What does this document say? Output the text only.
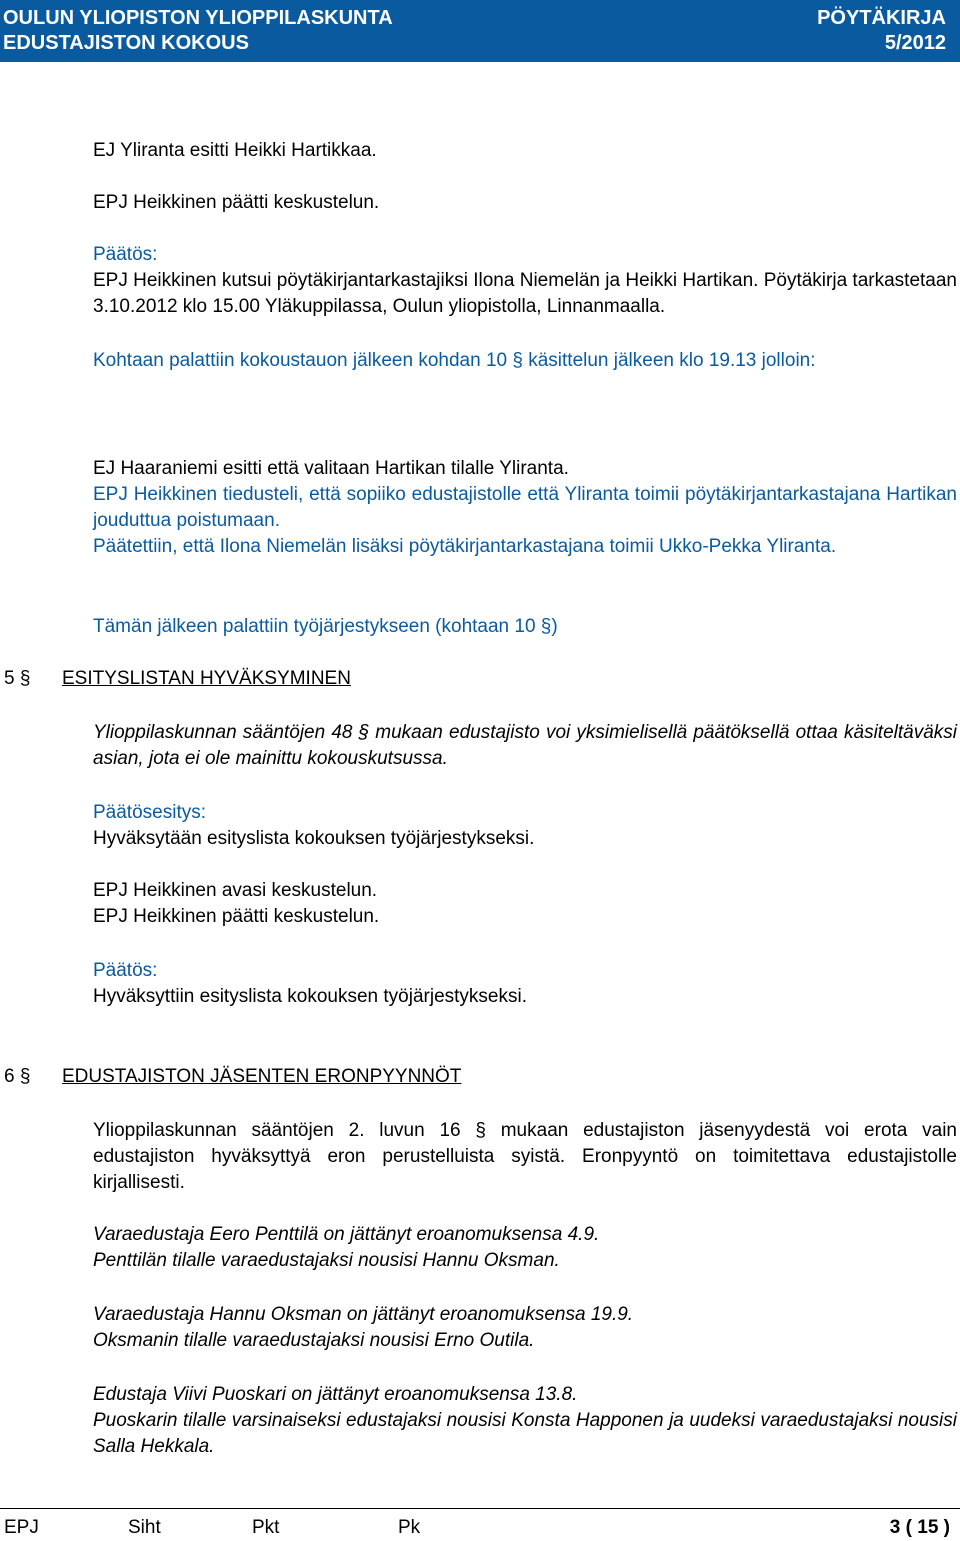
OULUN YLIOPISTON YLIOPPILASKUNTA
EDUSTAJISTON KOKOUS
PÖYTÄKIRJA
5/2012

EJ Yliranta esitti Heikki Hartikkaa.

EPJ Heikkinen päätti keskustelun.

Päätös:

EPJ Heikkinen kutsui pöytäkirjantarkastajiksi Ilona Niemelän ja Heikki Hartikan. Pöytäkirja tarkastetaan 3.10.2012 klo 15.00 Yläkuppilassa, Oulun yliopistolla, Linnanmaalla.

Kohtaan palattiin kokoustauon jälkeen kohdan 10 § käsittelun jälkeen klo 19.13 jolloin:

EJ Haaraniemi esitti että valitaan Hartikan tilalle Yliranta.

EPJ Heikkinen tiedusteli, että sopiiko edustajistolle että Yliranta toimii pöytäkirjantarkastajana Hartikan jouduttua poistumaan.

Päätettiin, että Ilona Niemelän lisäksi pöytäkirjantarkastajana toimii Ukko-Pekka Yliranta.

Tämän jälkeen palattiin työjärjestykseen (kohtaan 10 §)

5 § ESITYSLISTAN HYVÄKSYMINEN

Ylioppilaskunnan sääntöjen 48 § mukaan edustajisto voi yksimielisellä päätöksellä ottaa käsiteltäväksi asian, jota ei ole mainittu kokouskutsussa.

Päätösesitys:

Hyväksytään esityslista kokouksen työjärjestykseksi.

EPJ Heikkinen avasi keskustelun.

EPJ Heikkinen päätti keskustelun.

Päätös:

Hyväksyttiin esityslista kokouksen työjärjestykseksi.

6 § EDUSTAJISTON JÄSENTEN ERONPYYNNÖT

Ylioppilaskunnan sääntöjen 2. luvun 16 § mukaan edustajiston jäsenyydestä voi erota vain edustajiston hyväksyttyä eron perustelluista syistä. Eronpyyntö on toimitettava edustajistolle kirjallisesti.

Varaedustaja Eero Penttilä on jättänyt eroanomuksensa 4.9.

Penttilän tilalle varaedustajaksi nousisi Hannu Oksman.

Varaedustaja Hannu Oksman on jättänyt eroanomuksensa 19.9.

Oksmanin tilalle varaedustajaksi nousisi Erno Outila.

Edustaja Viivi Puoskari on jättänyt eroanomuksensa 13.8.

Puoskarin tilalle varsinaiseksi edustajaksi nousisi Konsta Happonen ja uudeksi varaedustajaksi nousisi Salla Hekkala.

EPJ	Siht	Pkt	Pk	3 ( 15 )
